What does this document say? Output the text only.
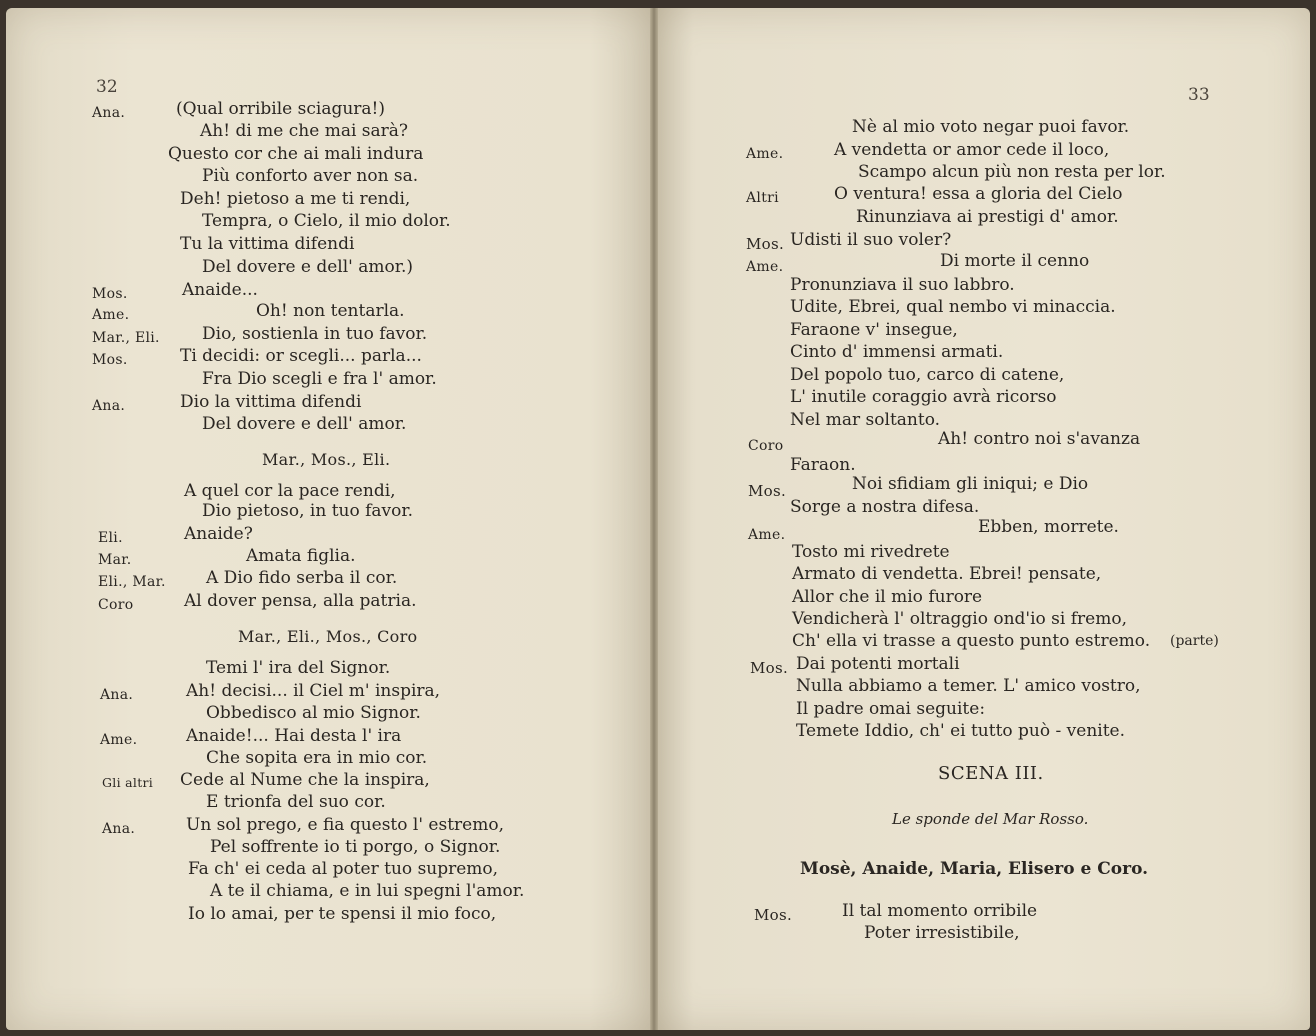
32
Ana.	(Qual orribile sciagura!)
Ah! di me che mai sarà?
Questo cor che ai mali indura
Più conforto aver non sa.
Deh! pietoso a me ti rendi,
Tempra, o Cielo, il mio dolor.
Tu la vittima difendi
Del dovere e dell' amor.)
Mos.	Anaide...
Ame.	Oh! non tentarla.
Mar., Eli. Dio, sostienla in tuo favor.
Mos.	Ti decidi: or scegli... parla...
Fra Dio scegli e fra l' amor.
Ana.	Dio la vittima difendi
Del dovere e dell' amor.
Mar., Mos., Eli.
A quel cor la pace rendi,
Dio pietoso, in tuo favor.
Eli.	Anaide?
Mar.	Amata figlia.
Eli., Mar. A Dio fido serba il cor.
Coro	Al dover pensa, alla patria.
Mar., Eli., Mos., Coro
Temi l' ira del Signor.
Ana.	Ah! decisi... il Ciel m' inspira,
Obbedisco al mio Signor.
Ame.	Anaide!... Hai desta l' ira
Che sopita era in mio cor.
Gli altri Cede al Nume che la inspira,
E trionfa del suo cor.
Ana.	Un sol prego, e fia questo l' estremo,
Pel soffrente io ti porgo, o Signor.
Fa ch' ei ceda al poter tuo supremo,
A te il chiama, e in lui spegni l'amor.
Io lo amai, per te spensi il mio foco,
33
Nè al mio voto negar puoi favor.
Ame.	A vendetta or amor cede il loco,
Scampo alcun più non resta per lor.
Altri	O ventura! essa a gloria del Cielo
Rinunziava ai prestigi d' amor.
Mos. Udisti il suo voler?
Ame.	Di morte il cenno
Pronunziava il suo labbro.
Udite, Ebrei, qual nembo vi minaccia.
Faraone v' insegue,
Cinto d' immensi armati.
Del popolo tuo, carco di catene,
L' inutile coraggio avrà ricorso
Nel mar soltanto.
Coro	Ah! contro noi s'avanza
Faraon.
Mos.	Noi sfidiam gli iniqui; e Dio
Sorge a nostra difesa.
Ame.	Ebben, morrete.
Tosto mi rivedrete
Armato di vendetta. Ebrei! pensate,
Allor che il mio furore
Vendicherà l' oltraggio ond'io si fremo,
Ch' ella vi trasse a questo punto estremo. (parte)
Mos. Dai potenti mortali
Nulla abbiamo a temer. L' amico vostro,
Il padre omai seguite:
Temete Iddio, ch' ei tutto può - venite.
SCENA III.
Le sponde del Mar Rosso.
Mosè, Anaide, Maria, Elisero e Coro.
Mos.	Il tal momento orribile
Poter irresistibile,
